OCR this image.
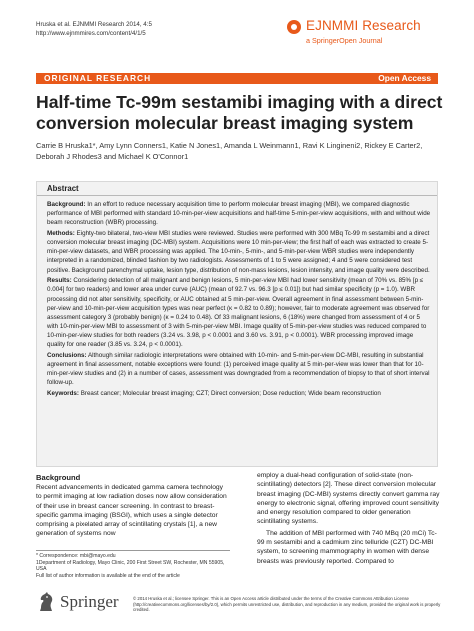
Hruska et al. EJNMMI Research 2014, 4:5
http://www.ejnmmires.com/content/4/1/5	EJNMMI Research
a SpringerOpen Journal
ORIGINAL RESEARCH	Open Access
Half-time Tc-99m sestamibi imaging with a direct conversion molecular breast imaging system
Carrie B Hruska1*, Amy Lynn Conners1, Katie N Jones1, Amanda L Weinmann1, Ravi K Lingineni2, Rickey E Carter2, Deborah J Rhodes3 and Michael K O'Connor1
Abstract

Background: In an effort to reduce necessary acquisition time to perform molecular breast imaging (MBI), we compared diagnostic performance of MBI performed with standard 10-min-per-view acquisitions and half-time 5-min-per-view acquisitions, with and without wide beam reconstruction (WBR) processing.

Methods: Eighty-two bilateral, two-view MBI studies were reviewed. Studies were performed with 300 MBq Tc-99 m sestamibi and a direct conversion molecular breast imaging (DC-MBI) system. Acquisitions were 10 min-per-view; the first half of each was extracted to create 5-min-per-view datasets, and WBR processing was applied. The 10-min-, 5-min-, and 5-min-per-view WBR studies were independently interpreted in a randomized, blinded fashion by two radiologists. Assessments of 1 to 5 were assigned; 4 and 5 were considered test positive. Background parenchymal uptake, lesion type, distribution of non-mass lesions, lesion intensity, and image quality were described.

Results: Considering detection of all malignant and benign lesions, 5 min-per-view MBI had lower sensitivity (mean of 70% vs. 85% [p ≤ 0.004] for two readers) and lower area under curve (AUC) (mean of 92.7 vs. 96.3 [p ≤ 0.01]) but had similar specificity (p = 1.0). WBR processing did not alter sensitivity, specificity, or AUC obtained at 5 min-per-view. Overall agreement in final assessment between 5-min-per-view and 10-min-per-view acquisition types was near perfect (κ = 0.82 to 0.89); however, fair to moderate agreement was observed for assessment category 3 (probably benign) (κ = 0.24 to 0.48). Of 33 malignant lesions, 6 (18%) were changed from assessment of 4 or 5 with 10-min-per-view MBI to assessment of 3 with 5-min-per-view MBI. Image quality of 5-min-per-view studies was reduced compared to 10-min-per-view studies for both readers (3.24 vs. 3.98, p < 0.0001 and 3.60 vs. 3.91, p < 0.0001). WBR processing improved image quality for one reader (3.85 vs. 3.24, p < 0.0001).

Conclusions: Although similar radiologic interpretations were obtained with 10-min- and 5-min-per-view DC-MBI, resulting in substantial agreement in final assessment, notable exceptions were found: (1) perceived image quality at 5 min-per-view was lower than that for 10-min-per-view studies and (2) in a number of cases, assessment was downgraded from a recommendation of biopsy to that of short interval follow-up.

Keywords: Breast cancer; Molecular breast imaging; CZT; Direct conversion; Dose reduction; Wide beam reconstruction

Background

Recent advancements in dedicated gamma camera technology to permit imaging at low radiation doses now allow consideration of their use in breast cancer screening. In contrast to breast-specific gamma imaging (BSGI), which uses a single detector comprising a pixelated array of scintillating crystals [1], a new generation of systems now

employ a dual-head configuration of solid-state (non-scintillating) detectors [2]. These direct conversion molecular breast imaging (DC-MBI) systems directly convert gamma ray energy to electronic signal, offering improved count sensitivity and energy resolution compared to older generation scintillating systems.

The addition of MBI performed with 740 MBq (20 mCi) Tc-99 m sestamibi and a cadmium zinc telluride (CZT) DC-MBI system, to screening mammography in women with dense breasts was previously reported. Compared to

* Correspondence: mbi@mayo.edu
1Department of Radiology, Mayo Clinic, 200 First Street SW, Rochester, MN 55905, USA
Full list of author information is available at the end of the article
Springer	© 2014 Hruska et al.; licensee Springer. This is an Open Access article distributed under the terms of the Creative Commons Attribution License (http://creativecommons.org/licenses/by/2.0), which permits unrestricted use, distribution, and reproduction in any medium, provided the original work is properly credited.
